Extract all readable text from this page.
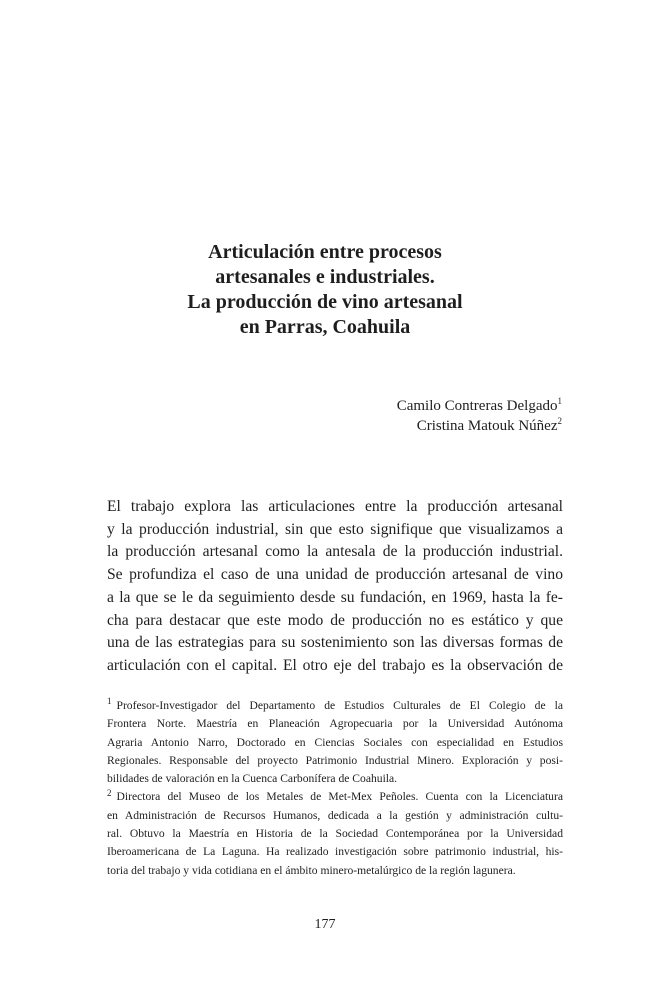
Articulación entre procesos
artesanales e industriales.
La producción de vino artesanal
en Parras, Coahuila
Camilo Contreras Delgado$^1$
Cristina Matouk Núñez$^2$
El trabajo explora las articulaciones entre la producción artesanal
y la producción industrial, sin que esto signifique que visualizamos a
la producción artesanal como la antesala de la producción industrial.
Se profundiza el caso de una unidad de producción artesanal de vino
a la que se le da seguimiento desde su fundación, en 1969, hasta la fe-
cha para destacar que este modo de producción no es estático y que
una de las estrategias para su sostenimiento son las diversas formas de
articulación con el capital. El otro eje del trabajo es la observación de
$^1$ Profesor-Investigador del Departamento de Estudios Culturales de El Colegio de la
Frontera Norte. Maestría en Planeación Agropecuaria por la Universidad Autónoma
Agraria Antonio Narro, Doctorado en Ciencias Sociales con especialidad en Estudios
Regionales. Responsable del proyecto Patrimonio Industrial Minero. Exploración y posi-
bilidades de valoración en la Cuenca Carbonífera de Coahuila.
$^2$ Directora del Museo de los Metales de Met-Mex Peñoles. Cuenta con la Licenciatura
en Administración de Recursos Humanos, dedicada a la gestión y administración cultu-
ral. Obtuvo la Maestría en Historia de la Sociedad Contemporánea por la Universidad
Iberoamericana de La Laguna. Ha realizado investigación sobre patrimonio industrial, his-
toria del trabajo y vida cotidiana en el ámbito minero-metalúrgico de la región lagunera.
177
